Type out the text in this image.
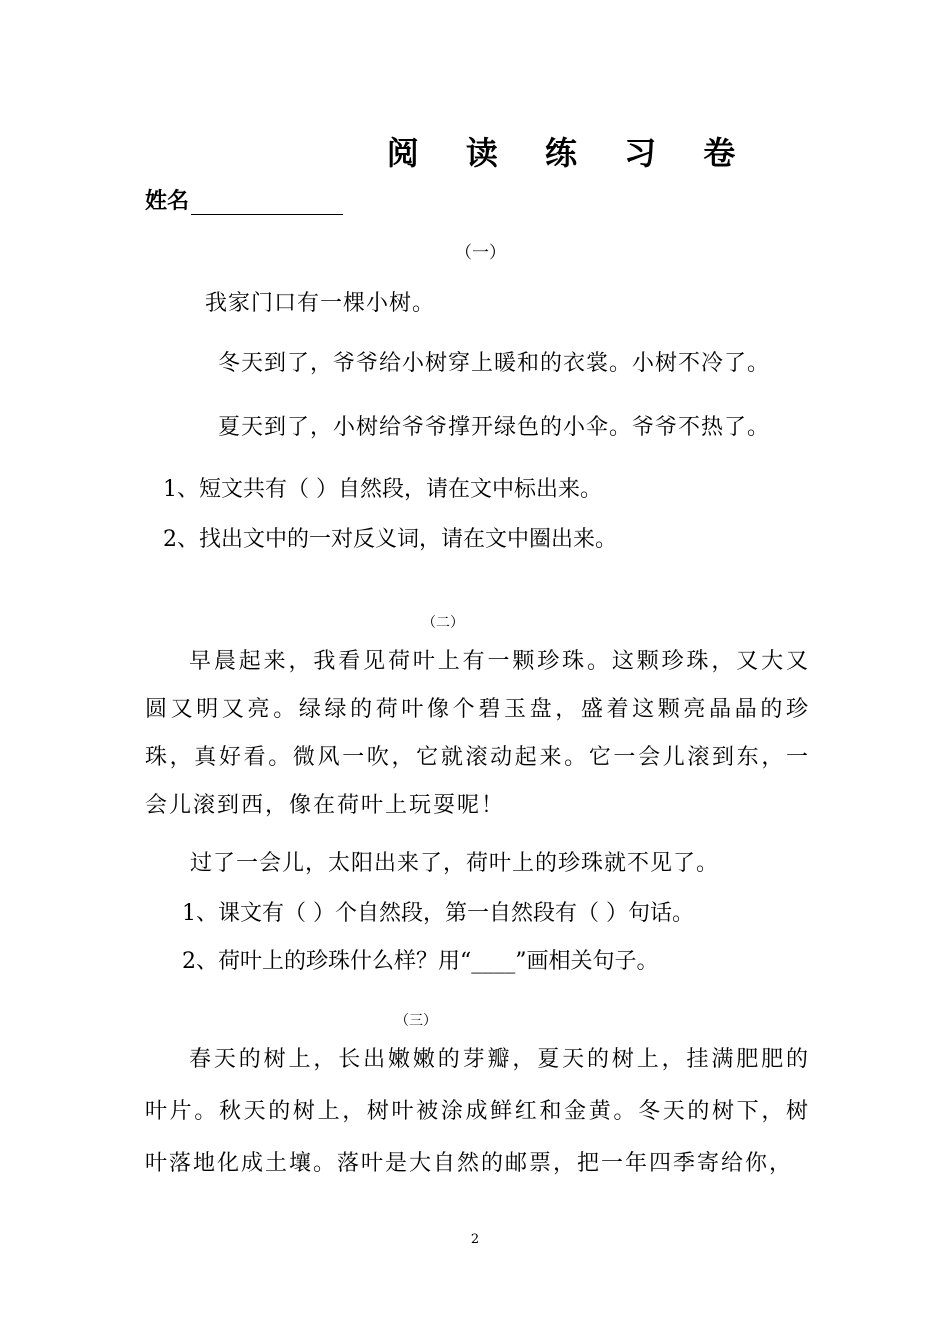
阅 读 练 习 卷
姓名
（一）
我家门口有一棵小树。
冬天到了，爷爷给小树穿上暖和的衣裳。小树不冷了。
夏天到了，小树给爷爷撑开绿色的小伞。爷爷不热了。
1、短文共有（ ）自然段，请在文中标出来。
2、找出文中的一对反义词，请在文中圈出来。
（二）
早晨起来，我看见荷叶上有一颗珍珠。这颗珍珠，又大又圆又明又亮。绿绿的荷叶像个碧玉盘，盛着这颗亮晶晶的珍珠，真好看。微风一吹，它就滚动起来。它一会儿滚到东，一会儿滚到西，像在荷叶上玩耍呢！
过了一会儿，太阳出来了，荷叶上的珍珠就不见了。
1、课文有（ ）个自然段，第一自然段有（ ）句话。
2、荷叶上的珍珠什么样？用“____”画相关句子。
（三）
春天的树上，长出嫩嫩的芽瓣，夏天的树上，挂满肥肥的叶片。秋天的树上，树叶被涂成鲜红和金黄。冬天的树下，树叶落地化成土壤。落叶是大自然的邮票，把一年四季寄给你，
2
